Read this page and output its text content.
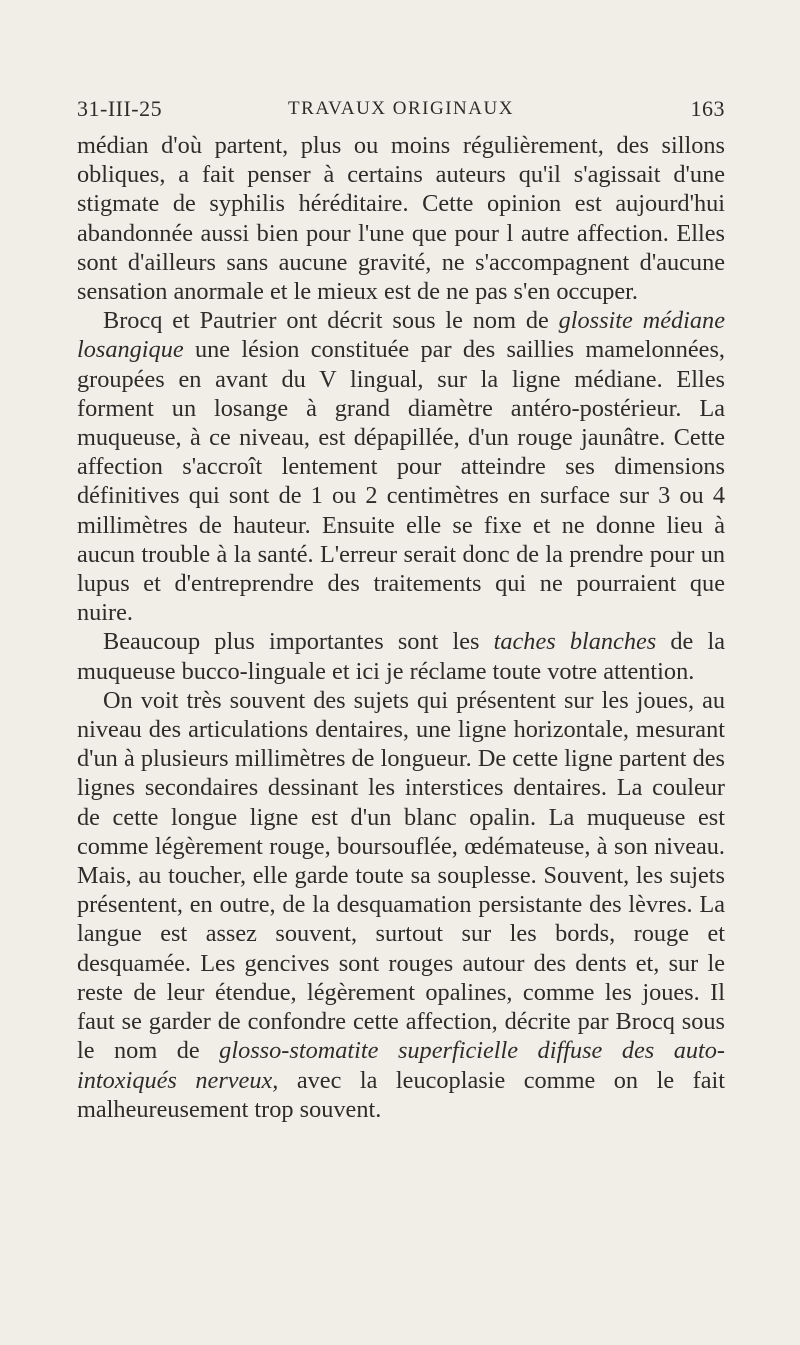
31-III-25	TRAVAUX ORIGINAUX	163

médian d'où partent, plus ou moins régulièrement, des sillons obliques, a fait penser à certains auteurs qu'il s'agissait d'une stigmate de syphilis héréditaire. Cette opinion est aujourd'hui abandonnée aussi bien pour l'une que pour l autre affection. Elles sont d'ailleurs sans aucune gravité, ne s'accompagnent d'aucune sensation anormale et le mieux est de ne pas s'en occuper.

Brocq et Pautrier ont décrit sous le nom de glossite médiane losangique une lésion constituée par des saillies mamelonnées, groupées en avant du V lingual, sur la ligne médiane. Elles forment un losange à grand diamètre antéro-postérieur. La muqueuse, à ce niveau, est dépapillée, d'un rouge jaunâtre. Cette affection s'accroît lentement pour atteindre ses dimensions définitives qui sont de 1 ou 2 centimètres en surface sur 3 ou 4 millimètres de hauteur. Ensuite elle se fixe et ne donne lieu à aucun trouble à la santé. L'erreur serait donc de la prendre pour un lupus et d'entreprendre des traitements qui ne pourraient que nuire.

Beaucoup plus importantes sont les taches blanches de la muqueuse bucco-linguale et ici je réclame toute votre attention.

On voit très souvent des sujets qui présentent sur les joues, au niveau des articulations dentaires, une ligne horizontale, mesurant d'un à plusieurs millimètres de longueur. De cette ligne partent des lignes secondaires dessinant les interstices dentaires. La couleur de cette longue ligne est d'un blanc opalin. La muqueuse est comme légèrement rouge, boursouflée, œdémateuse, à son niveau. Mais, au toucher, elle garde toute sa souplesse. Souvent, les sujets présentent, en outre, de la desquamation persistante des lèvres. La langue est assez souvent, surtout sur les bords, rouge et desquamée. Les gencives sont rouges autour des dents et, sur le reste de leur étendue, légèrement opalines, comme les joues. Il faut se garder de confondre cette affection, décrite par Brocq sous le nom de glosso-stomatite superficielle diffuse des auto-intoxiqués nerveux, avec la leucoplasie comme on le fait malheureusement trop souvent.
